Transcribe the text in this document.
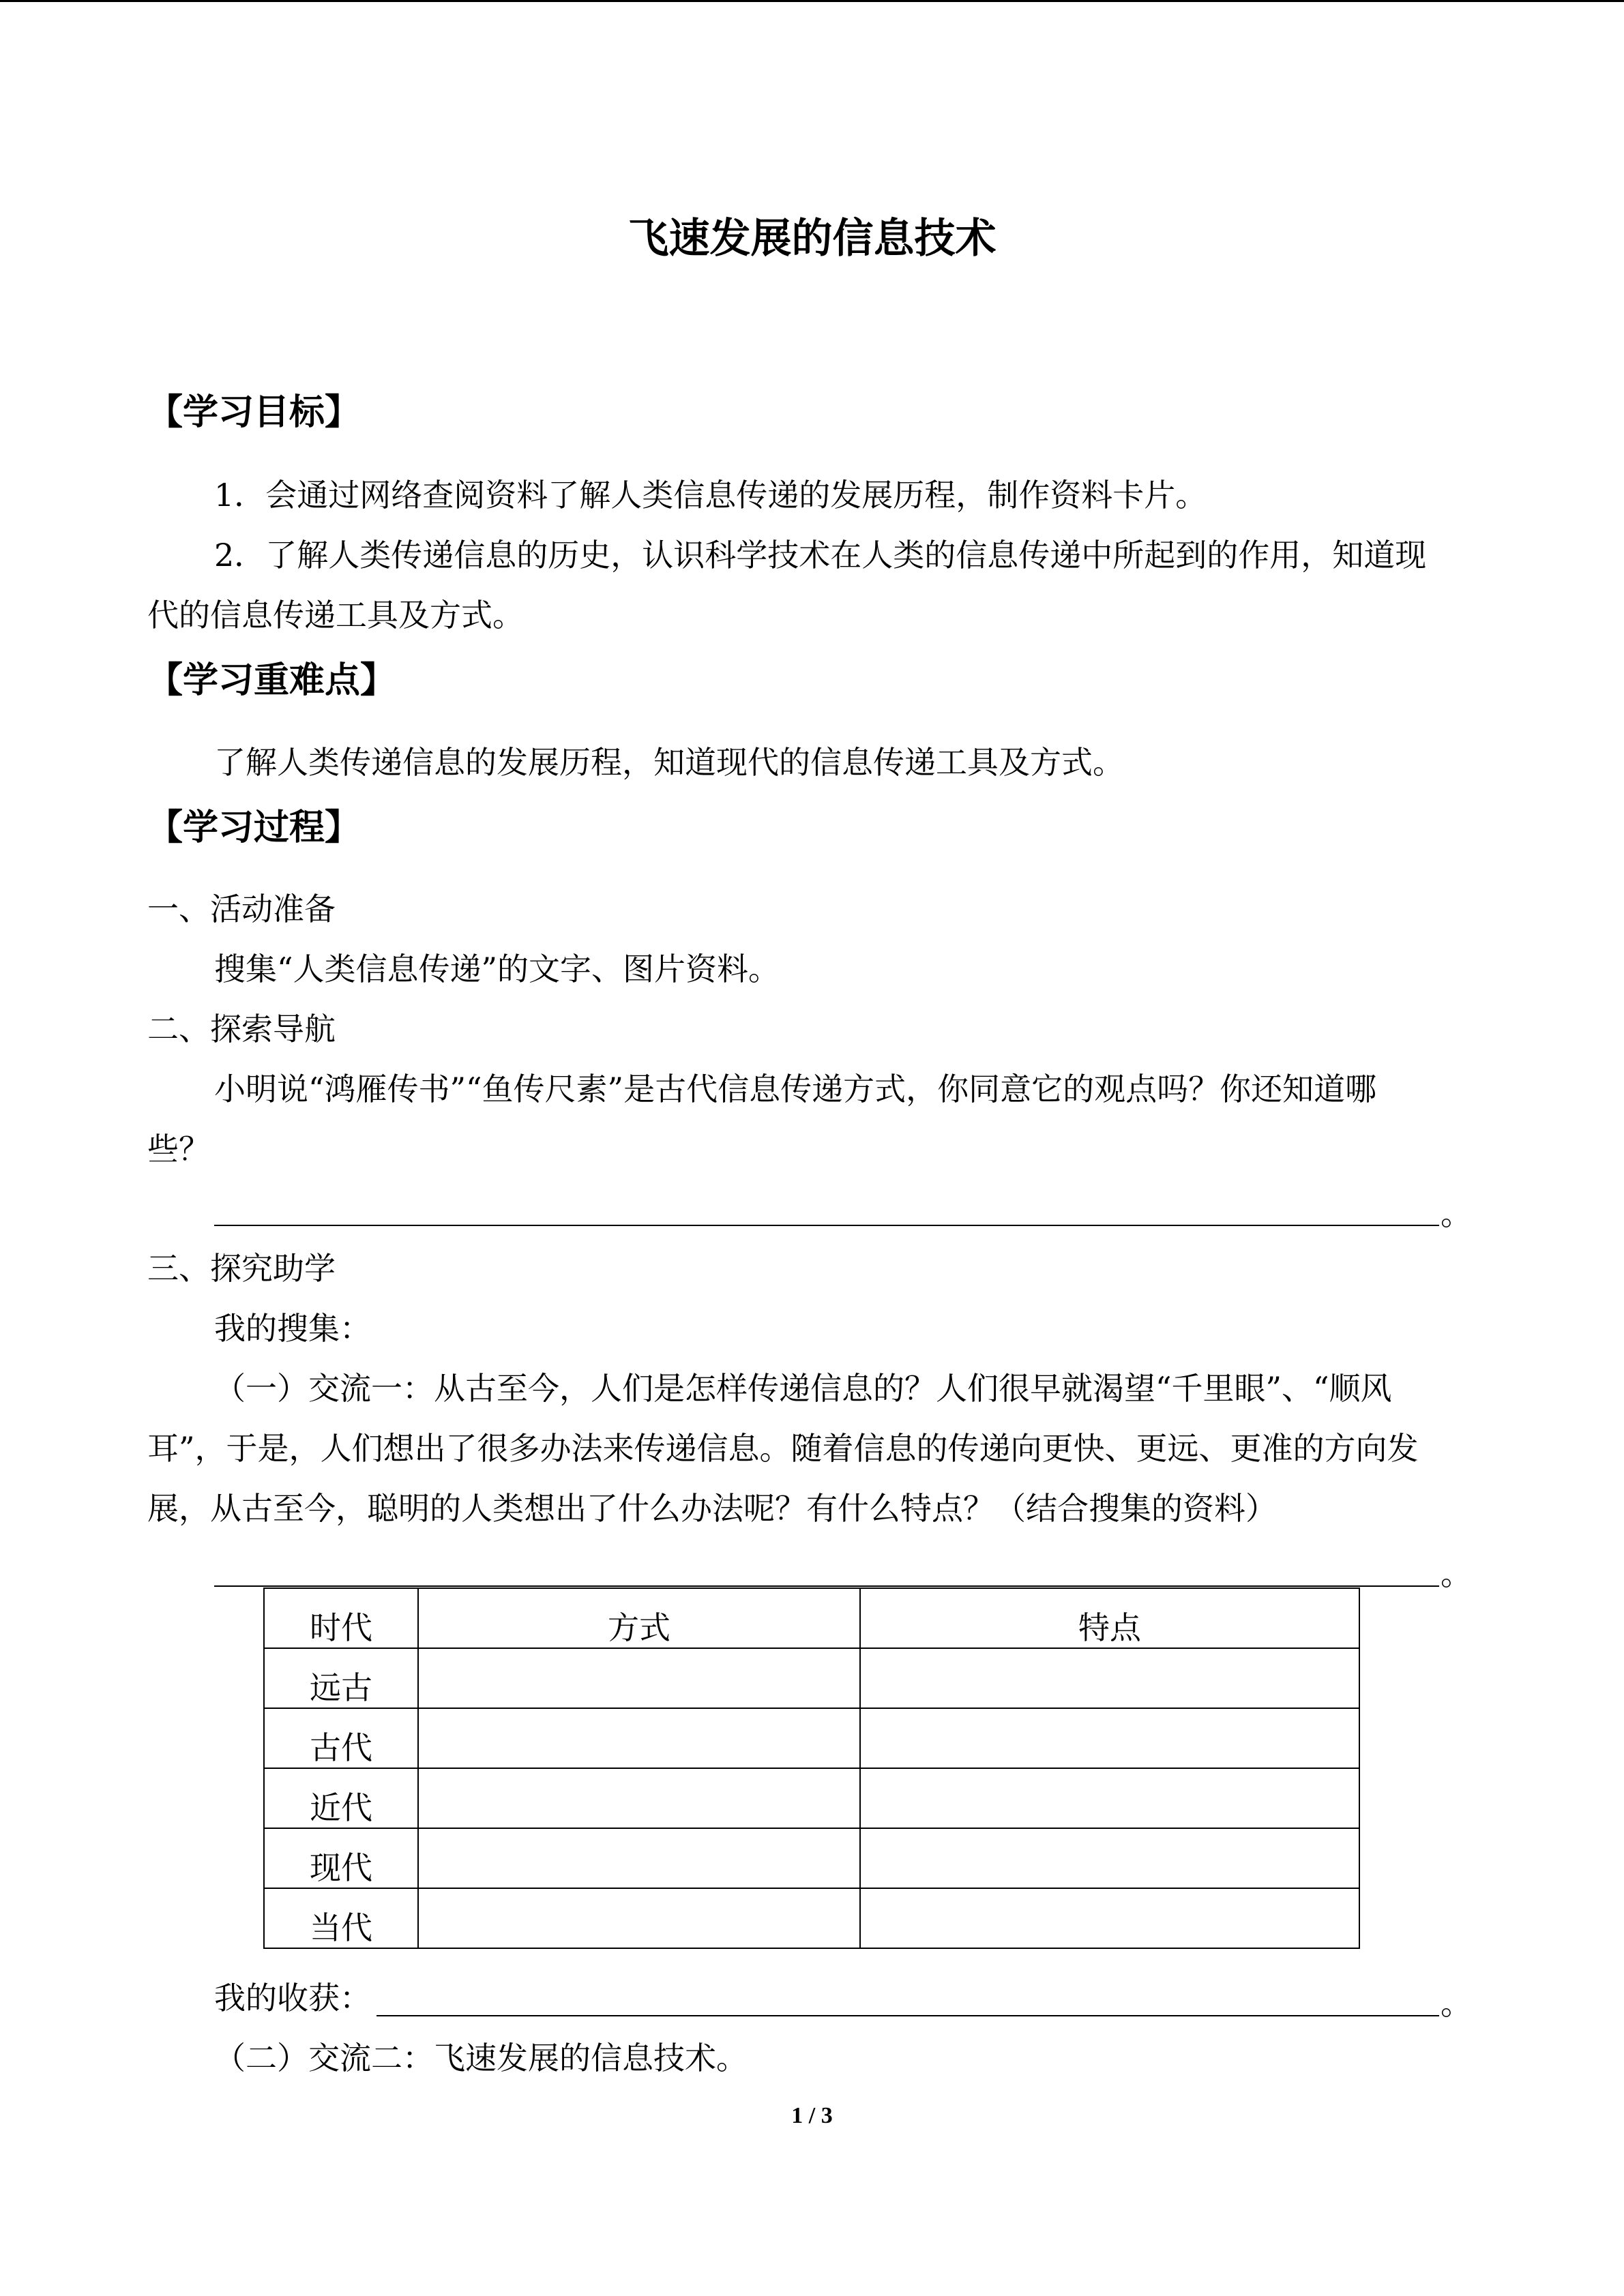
飞速发展的信息技术
【学习目标】
1．会通过网络查阅资料了解人类信息传递的发展历程，制作资料卡片。
2．了解人类传递信息的历史，认识科学技术在人类的信息传递中所起到的作用，知道现
代的信息传递工具及方式。
【学习重难点】
了解人类传递信息的发展历程，知道现代的信息传递工具及方式。
【学习过程】
一、活动准备
搜集“人类信息传递”的文字、图片资料。
二、探索导航
小明说“鸿雁传书”“鱼传尺素”是古代信息传递方式，你同意它的观点吗？你还知道哪
些？
。
三、探究助学
我的搜集：
（一）交流一：从古至今，人们是怎样传递信息的？人们很早就渴望“千里眼”、“顺风
耳”，于是，人们想出了很多办法来传递信息。随着信息的传递向更快、更远、更准的方向发
展，从古至今，聪明的人类想出了什么办法呢？有什么特点？（结合搜集的资料）
。
时代	方式	特点
远古		
古代		
近代		
现代		
当代		
我的收获：	。
（二）交流二：飞速发展的信息技术。
1 / 3
